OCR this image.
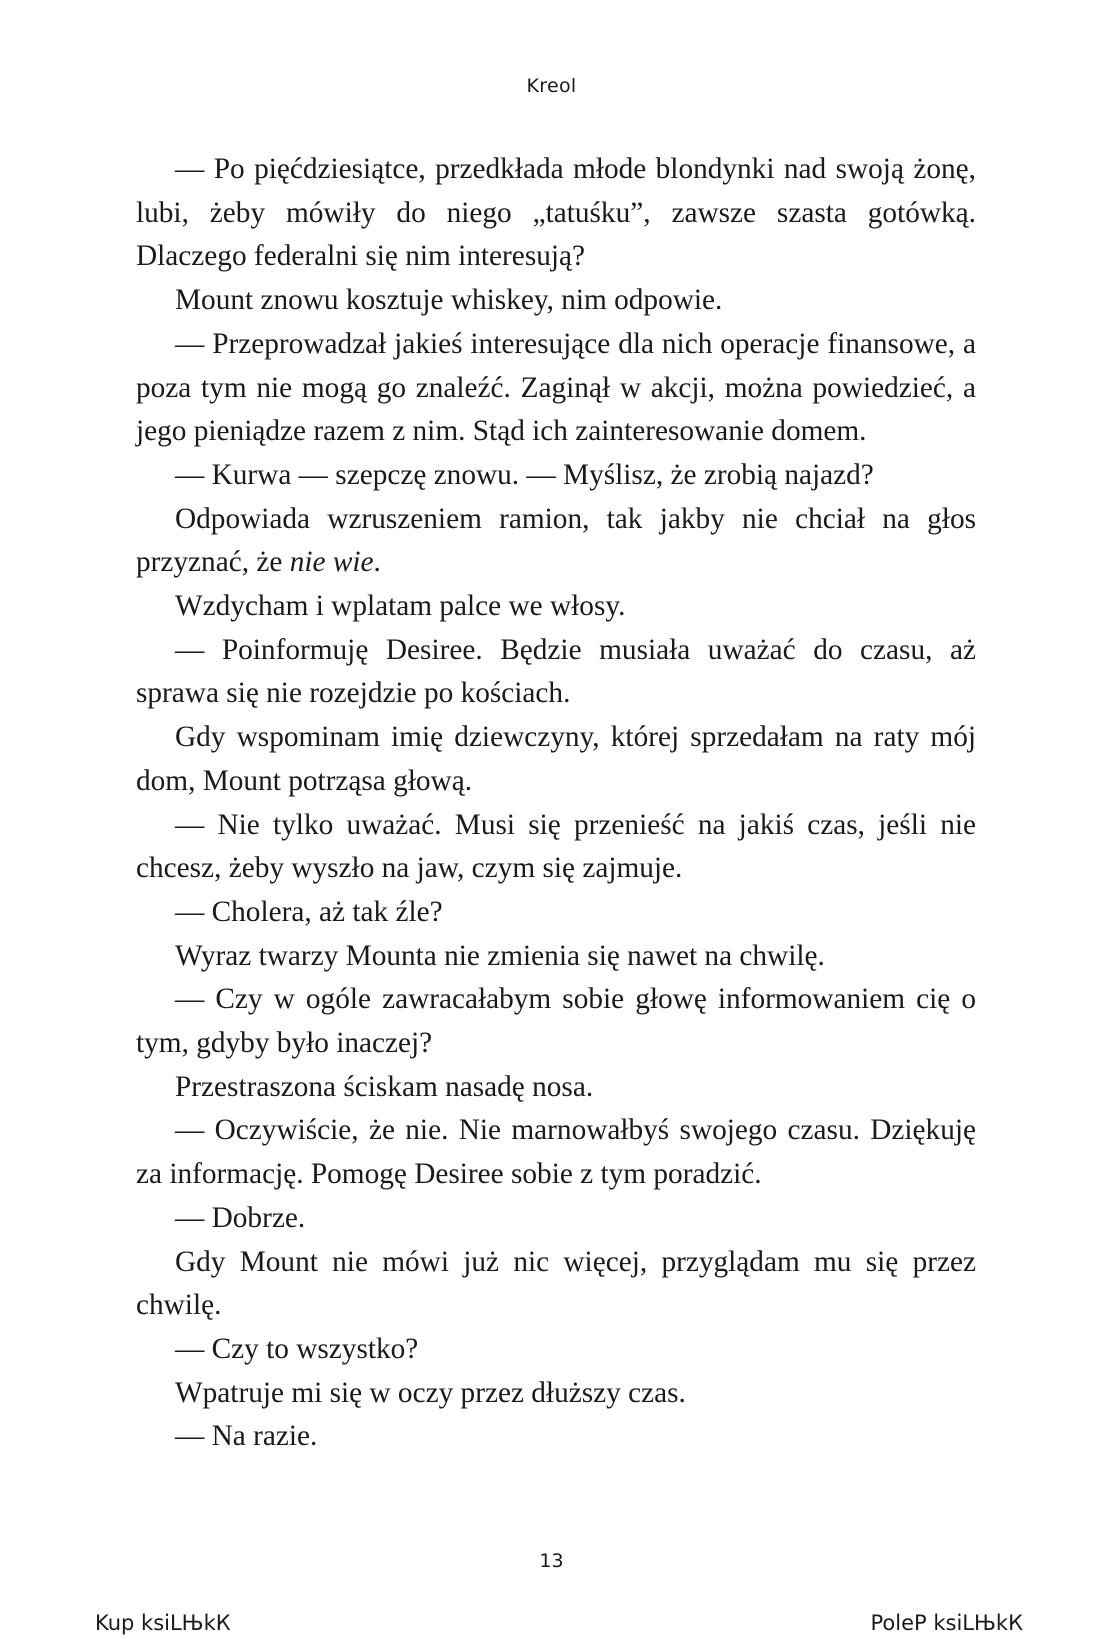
Kreol

— Po pięćdziesiątce, przedkłada młode blondynki nad swoją żonę, lubi, żeby mówiły do niego „tatuśku”, zawsze szasta gotówką. Dlaczego federalni się nim interesują?

Mount znowu kosztuje whiskey, nim odpowie.

— Przeprowadzał jakieś interesujące dla nich operacje finansowe, a poza tym nie mogą go znaleźć. Zaginął w akcji, można powiedzieć, a jego pieniądze razem z nim. Stąd ich zainteresowanie domem.

— Kurwa — szepczę znowu. — Myślisz, że zrobią najazd?

Odpowiada wzruszeniem ramion, tak jakby nie chciał na głos przyznać, że nie wie.

Wzdycham i wplatam palce we włosy.

— Poinformuję Desiree. Będzie musiała uważać do czasu, aż sprawa się nie rozejdzie po kościach.

Gdy wspominam imię dziewczyny, której sprzedałam na raty mój dom, Mount potrząsa głową.

— Nie tylko uważać. Musi się przenieść na jakiś czas, jeśli nie chcesz, żeby wyszło na jaw, czym się zajmuje.

— Cholera, aż tak źle?

Wyraz twarzy Mounta nie zmienia się nawet na chwilę.

— Czy w ogóle zawracałabym sobie głowę informowaniem cię o tym, gdyby było inaczej?

Przestraszona ściskam nasadę nosa.

— Oczywiście, że nie. Nie marnowałbyś swojego czasu. Dziękuję za informację. Pomogę Desiree sobie z tym poradzić.

— Dobrze.

Gdy Mount nie mówi już nic więcej, przyglądam mu się przez chwilę.

— Czy to wszystko?

Wpatruje mi się w oczy przez dłuższy czas.

— Na razie.

13
Kup ksiLЊkК	PoleР ksiLЊkК
